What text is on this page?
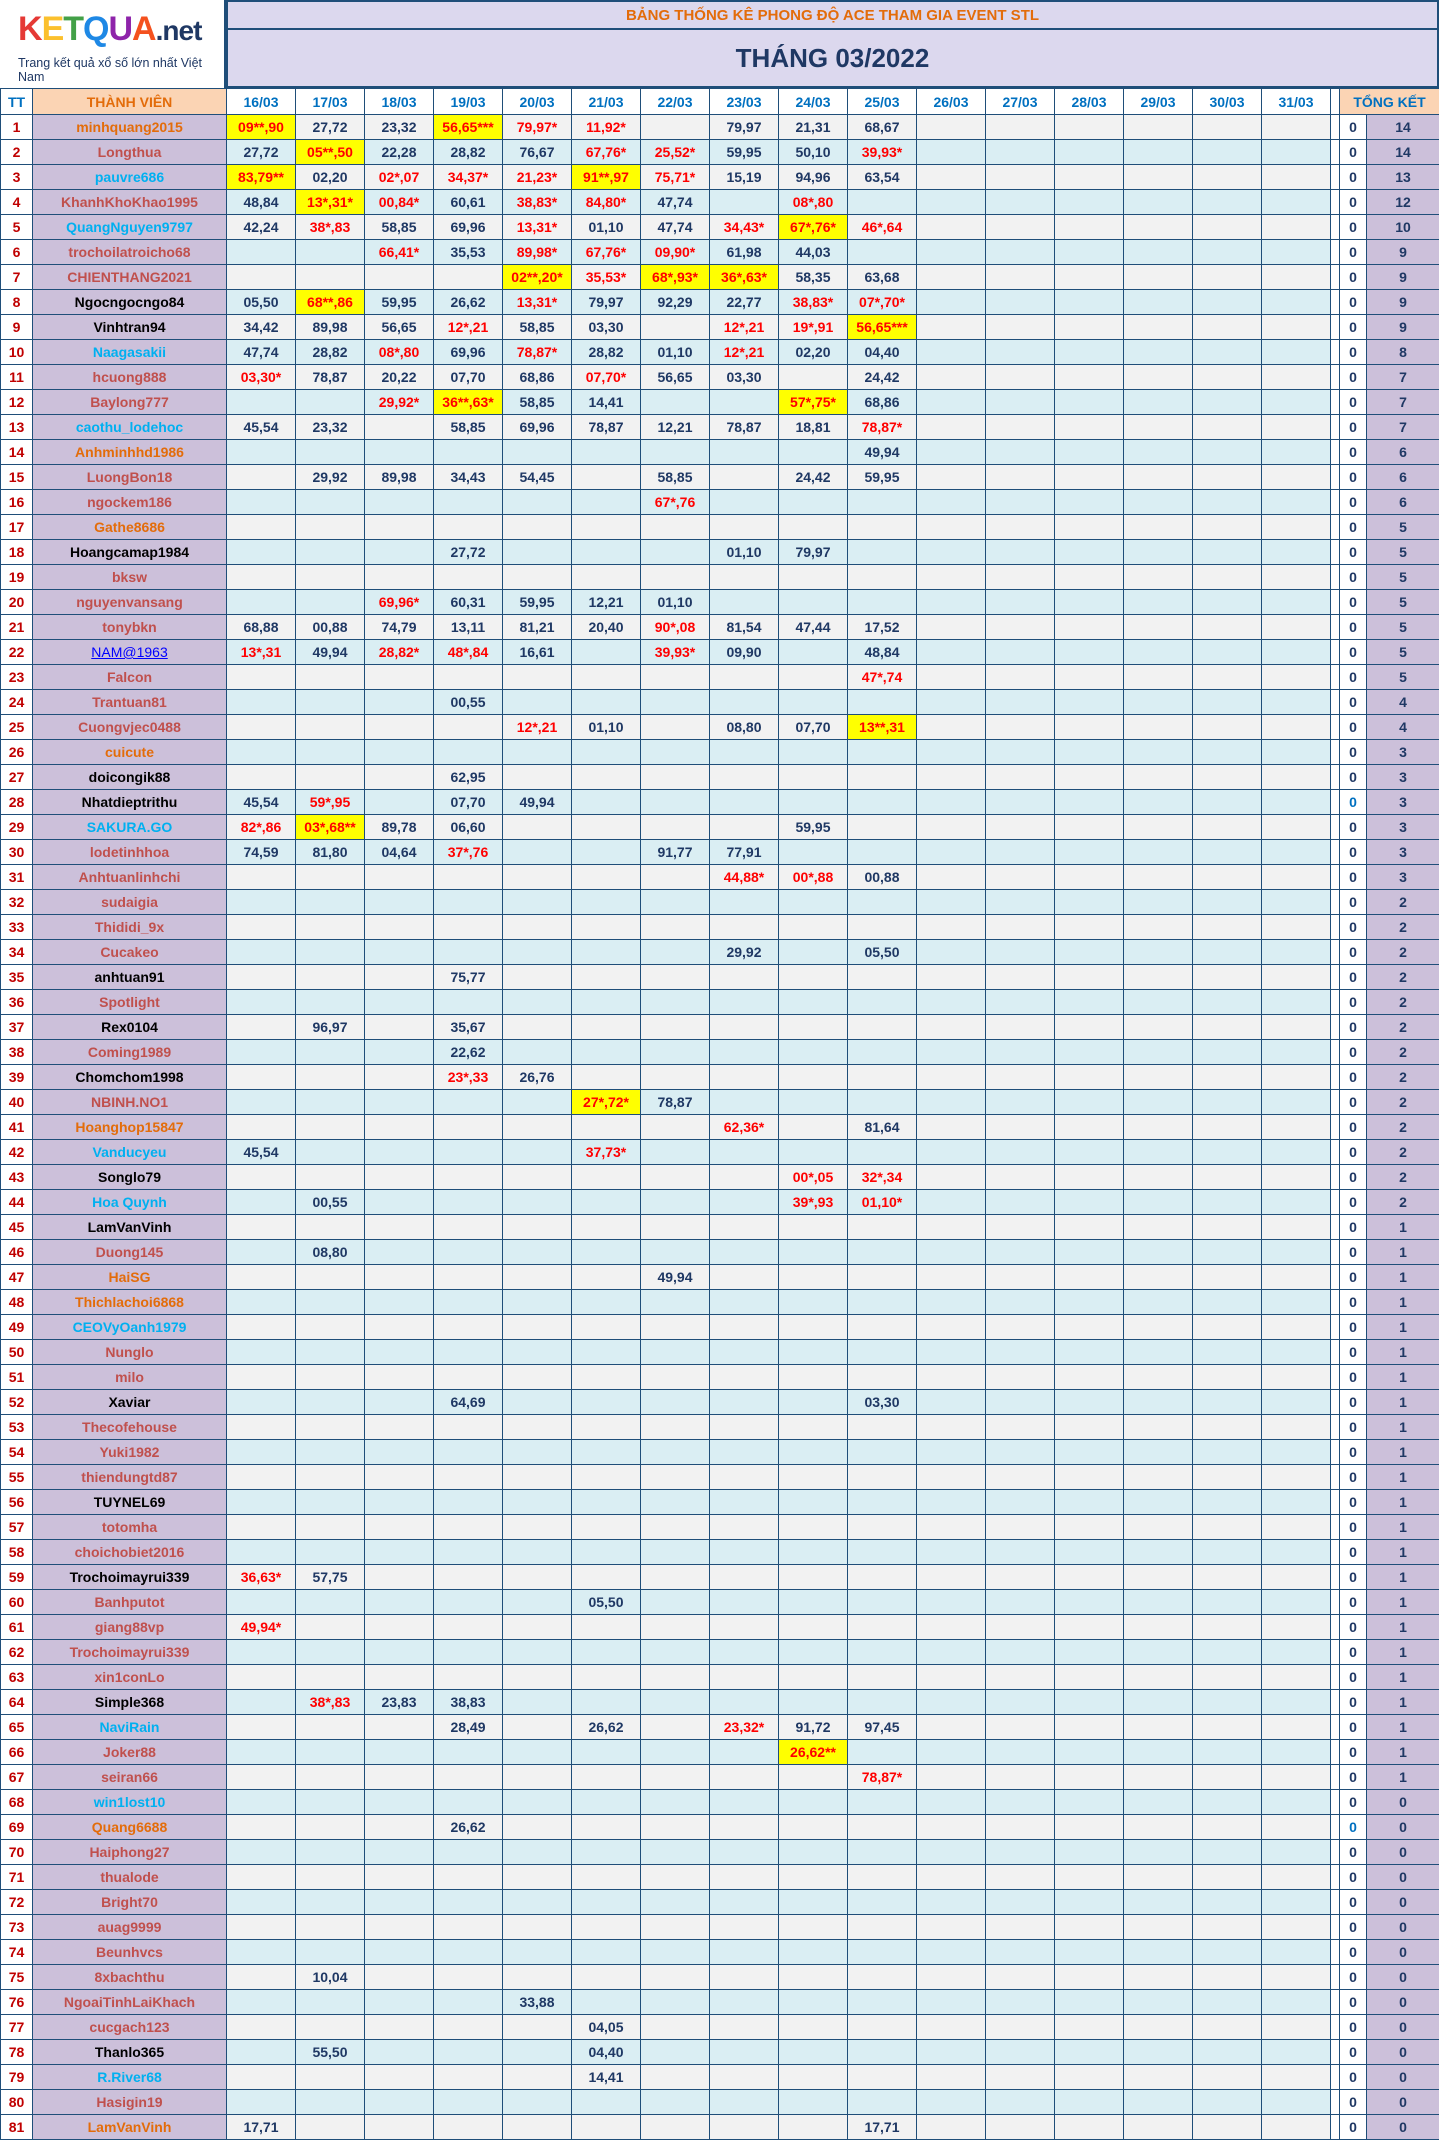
KETQUA.net
Trang kết quả xổ số lớn nhất Việt Nam
BẢNG THỐNG KÊ PHONG ĐỘ ACE THAM GIA EVENT STL
THÁNG 03/2022
TT	THÀNH VIÊN	16/03	17/03	18/03	19/03	20/03	21/03	22/03	23/03	24/03	25/03	26/03	27/03	28/03	29/03	30/03	31/03		TỔNG KẾT	
1	minhquang2015	09**,90	27,72	23,32	56,65***	79,97*	11,92*		79,97	21,31	68,67								0	14
2	Longthua	27,72	05**,50	22,28	28,82	76,67	67,76*	25,52*	59,95	50,10	39,93*								0	14
3	pauvre686	83,79**	02,20	02*,07	34,37*	21,23*	91**,97	75,71*	15,19	94,96	63,54								0	13
4	KhanhKhoKhao1995	48,84	13*,31*	00,84*	60,61	38,83*	84,80*	47,74		08*,80									0	12
5	QuangNguyen9797	42,24	38*,83	58,85	69,96	13,31*	01,10	47,74	34,43*	67*,76*	46*,64								0	10
6	trochoilatroicho68			66,41*	35,53	89,98*	67,76*	09,90*	61,98	44,03									0	9
7	CHIENTHANG2021					02**,20*	35,53*	68*,93*	36*,63*	58,35	63,68								0	9
8	Ngocngocngo84	05,50	68**,86	59,95	26,62	13,31*	79,97	92,29	22,77	38,83*	07*,70*								0	9
9	Vinhtran94	34,42	89,98	56,65	12*,21	58,85	03,30		12*,21	19*,91	56,65***								0	9
10	Naagasakii	47,74	28,82	08*,80	69,96	78,87*	28,82	01,10	12*,21	02,20	04,40								0	8
11	hcuong888	03,30*	78,87	20,22	07,70	68,86	07,70*	56,65	03,30		24,42								0	7
12	Baylong777			29,92*	36**,63*	58,85	14,41			57*,75*	68,86								0	7
13	caothu_lodehoc	45,54	23,32		58,85	69,96	78,87	12,21	78,87	18,81	78,87*								0	7
14	Anhminhhd1986										49,94								0	6
15	LuongBon18		29,92	89,98	34,43	54,45		58,85		24,42	59,95								0	6
16	ngockem186							67*,76											0	6
17	Gathe8686																		0	5
18	Hoangcamap1984				27,72				01,10	79,97									0	5
19	bksw																		0	5
20	nguyenvansang			69,96*	60,31	59,95	12,21	01,10											0	5
21	tonybkn	68,88	00,88	74,79	13,11	81,21	20,40	90*,08	81,54	47,44	17,52								0	5
22	NAM@1963	13*,31	49,94	28,82*	48*,84	16,61		39,93*	09,90		48,84								0	5
23	Falcon										47*,74								0	5
24	Trantuan81				00,55														0	4
25	Cuongvjec0488					12*,21	01,10		08,80	07,70	13**,31								0	4
26	cuicute																		0	3
27	doicongik88				62,95														0	3
28	Nhatdieptrithu	45,54	59*,95		07,70	49,94													0	3
29	SAKURA.GO	82*,86	03*,68**	89,78	06,60					59,95									0	3
30	lodetinhhoa	74,59	81,80	04,64	37*,76			91,77	77,91										0	3
31	Anhtuanlinhchi								44,88*	00*,88	00,88								0	3
32	sudaigia																		0	2
33	Thididi_9x																		0	2
34	Cucakeo								29,92		05,50								0	2
35	anhtuan91				75,77														0	2
36	Spotlight																		0	2
37	Rex0104		96,97		35,67														0	2
38	Coming1989				22,62														0	2
39	Chomchom1998				23*,33	26,76													0	2
40	NBINH.NO1						27*,72*	78,87											0	2
41	Hoanghop15847								62,36*		81,64								0	2
42	Vanducyeu	45,54					37,73*												0	2
43	Songlo79									00*,05	32*,34								0	2
44	Hoa Quynh		00,55							39*,93	01,10*								0	2
45	LamVanVinh																		0	1
46	Duong145		08,80																0	1
47	HaiSG							49,94											0	1
48	Thichlachoi6868																		0	1
49	CEOVyOanh1979																		0	1
50	Nunglo																		0	1
51	milo																		0	1
52	Xaviar				64,69						03,30								0	1
53	Thecofehouse																		0	1
54	Yuki1982																		0	1
55	thiendungtd87																		0	1
56	TUYNEL69																		0	1
57	totomha																		0	1
58	choichobiet2016																		0	1
59	Trochoimayrui339	36,63*	57,75																0	1
60	Banhputot						05,50												0	1
61	giang88vp	49,94*																	0	1
62	Trochoimayrui339																		0	1
63	xin1conLo																		0	1
64	Simple368		38*,83	23,83	38,83														0	1
65	NaviRain				28,49		26,62		23,32*	91,72	97,45								0	1
66	Joker88									26,62**									0	1
67	seiran66										78,87*								0	1
68	win1lost10																		0	0
69	Quang6688				26,62														0	0
70	Haiphong27																		0	0
71	thualode																		0	0
72	Bright70																		0	0
73	auag9999																		0	0
74	Beunhvcs																		0	0
75	8xbachthu		10,04																0	0
76	NgoaiTinhLaiKhach					33,88													0	0
77	cucgach123						04,05												0	0
78	Thanlo365		55,50				04,40												0	0
79	R.River68						14,41												0	0
80	Hasigin19																		0	0
81	LamVanVinh	17,71									17,71								0	0
